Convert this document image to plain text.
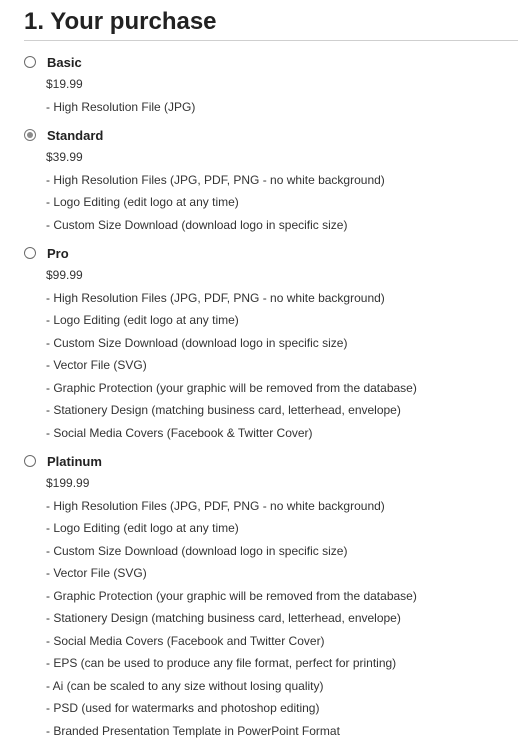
1. Your purchase
Basic
$19.99
- High Resolution File (JPG)
Standard
$39.99
- High Resolution Files (JPG, PDF, PNG - no white background)
- Logo Editing (edit logo at any time)
- Custom Size Download (download logo in specific size)
Pro
$99.99
- High Resolution Files (JPG, PDF, PNG - no white background)
- Logo Editing (edit logo at any time)
- Custom Size Download (download logo in specific size)
- Vector File (SVG)
- Graphic Protection (your graphic will be removed from the database)
- Stationery Design (matching business card, letterhead, envelope)
- Social Media Covers (Facebook & Twitter Cover)
Platinum
$199.99
- High Resolution Files (JPG, PDF, PNG - no white background)
- Logo Editing (edit logo at any time)
- Custom Size Download (download logo in specific size)
- Vector File (SVG)
- Graphic Protection (your graphic will be removed from the database)
- Stationery Design (matching business card, letterhead, envelope)
- Social Media Covers (Facebook and Twitter Cover)
- EPS (can be used to produce any file format, perfect for printing)
- Ai (can be scaled to any size without losing quality)
- PSD (used for watermarks and photoshop editing)
- Branded Presentation Template in PowerPoint Format
